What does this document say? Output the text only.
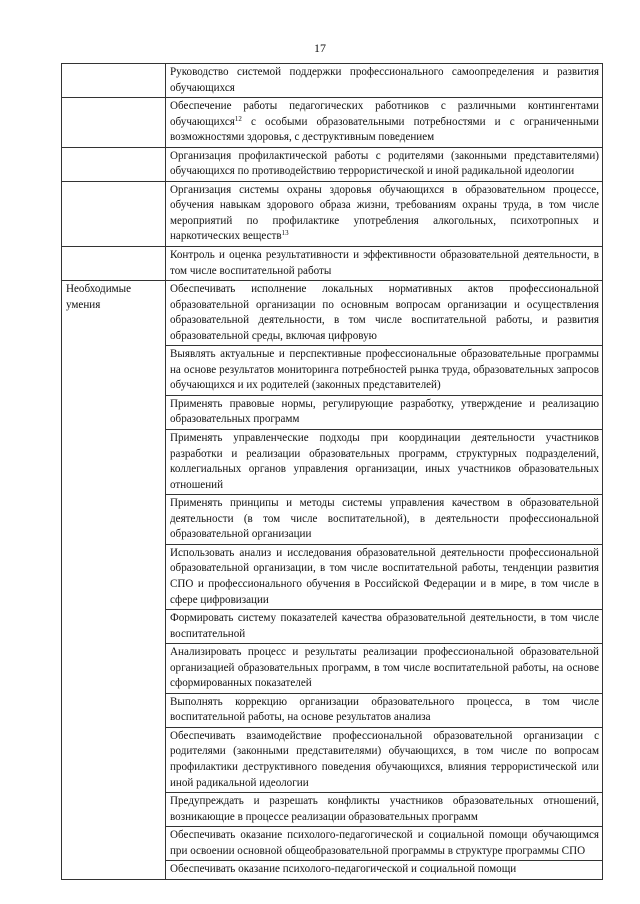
17
	Руководство системой поддержки профессионального самоопределения и развития обучающихся
	Обеспечение работы педагогических работников с различными контингентами обучающихся$^{12}$ с особыми образовательными потребностями и с ограниченными возможностями здоровья, с деструктивным поведением
	Организация профилактической работы с родителями (законными представителями) обучающихся по противодействию террористической и иной радикальной идеологии
	Организация системы охраны здоровья обучающихся в образовательном процессе, обучения навыкам здорового образа жизни, требованиям охраны труда, в том числе мероприятий по профилактике употребления алкогольных, психотропных и наркотических веществ$^{13}$
	Контроль и оценка результативности и эффективности образовательной деятельности, в том числе воспитательной работы
Необходимые умения	Обеспечивать исполнение локальных нормативных актов профессиональной образовательной организации по основным вопросам организации и осуществления образовательной деятельности, в том числе воспитательной работы, и развития образовательной среды, включая цифровую
	Выявлять актуальные и перспективные профессиональные образовательные программы на основе результатов мониторинга потребностей рынка труда, образовательных запросов обучающихся и их родителей (законных представителей)
	Применять правовые нормы, регулирующие разработку, утверждение и реализацию образовательных программ
	Применять управленческие подходы при координации деятельности участников разработки и реализации образовательных программ, структурных подразделений, коллегиальных органов управления организации, иных участников образовательных отношений
	Применять принципы и методы системы управления качеством в образовательной деятельности (в том числе воспитательной), в деятельности профессиональной образовательной организации
	Использовать анализ и исследования образовательной деятельности профессиональной образовательной организации, в том числе воспитательной работы, тенденции развития СПО и профессионального обучения в Российской Федерации и в мире, в том числе в сфере цифровизации
	Формировать систему показателей качества образовательной деятельности, в том числе воспитательной
	Анализировать процесс и результаты реализации профессиональной образовательной организацией образовательных программ, в том числе воспитательной работы, на основе сформированных показателей
	Выполнять коррекцию организации образовательного процесса, в том числе воспитательной работы, на основе результатов анализа
	Обеспечивать взаимодействие профессиональной образовательной организации с родителями (законными представителями) обучающихся, в том числе по вопросам профилактики деструктивного поведения обучающихся, влияния террористической или иной радикальной идеологии
	Предупреждать и разрешать конфликты участников образовательных отношений, возникающие в процессе реализации образовательных программ
	Обеспечивать оказание психолого-педагогической и социальной помощи обучающимся при освоении основной общеобразовательной программы в структуре программы СПО
	Обеспечивать оказание психолого-педагогической и социальной помощи
